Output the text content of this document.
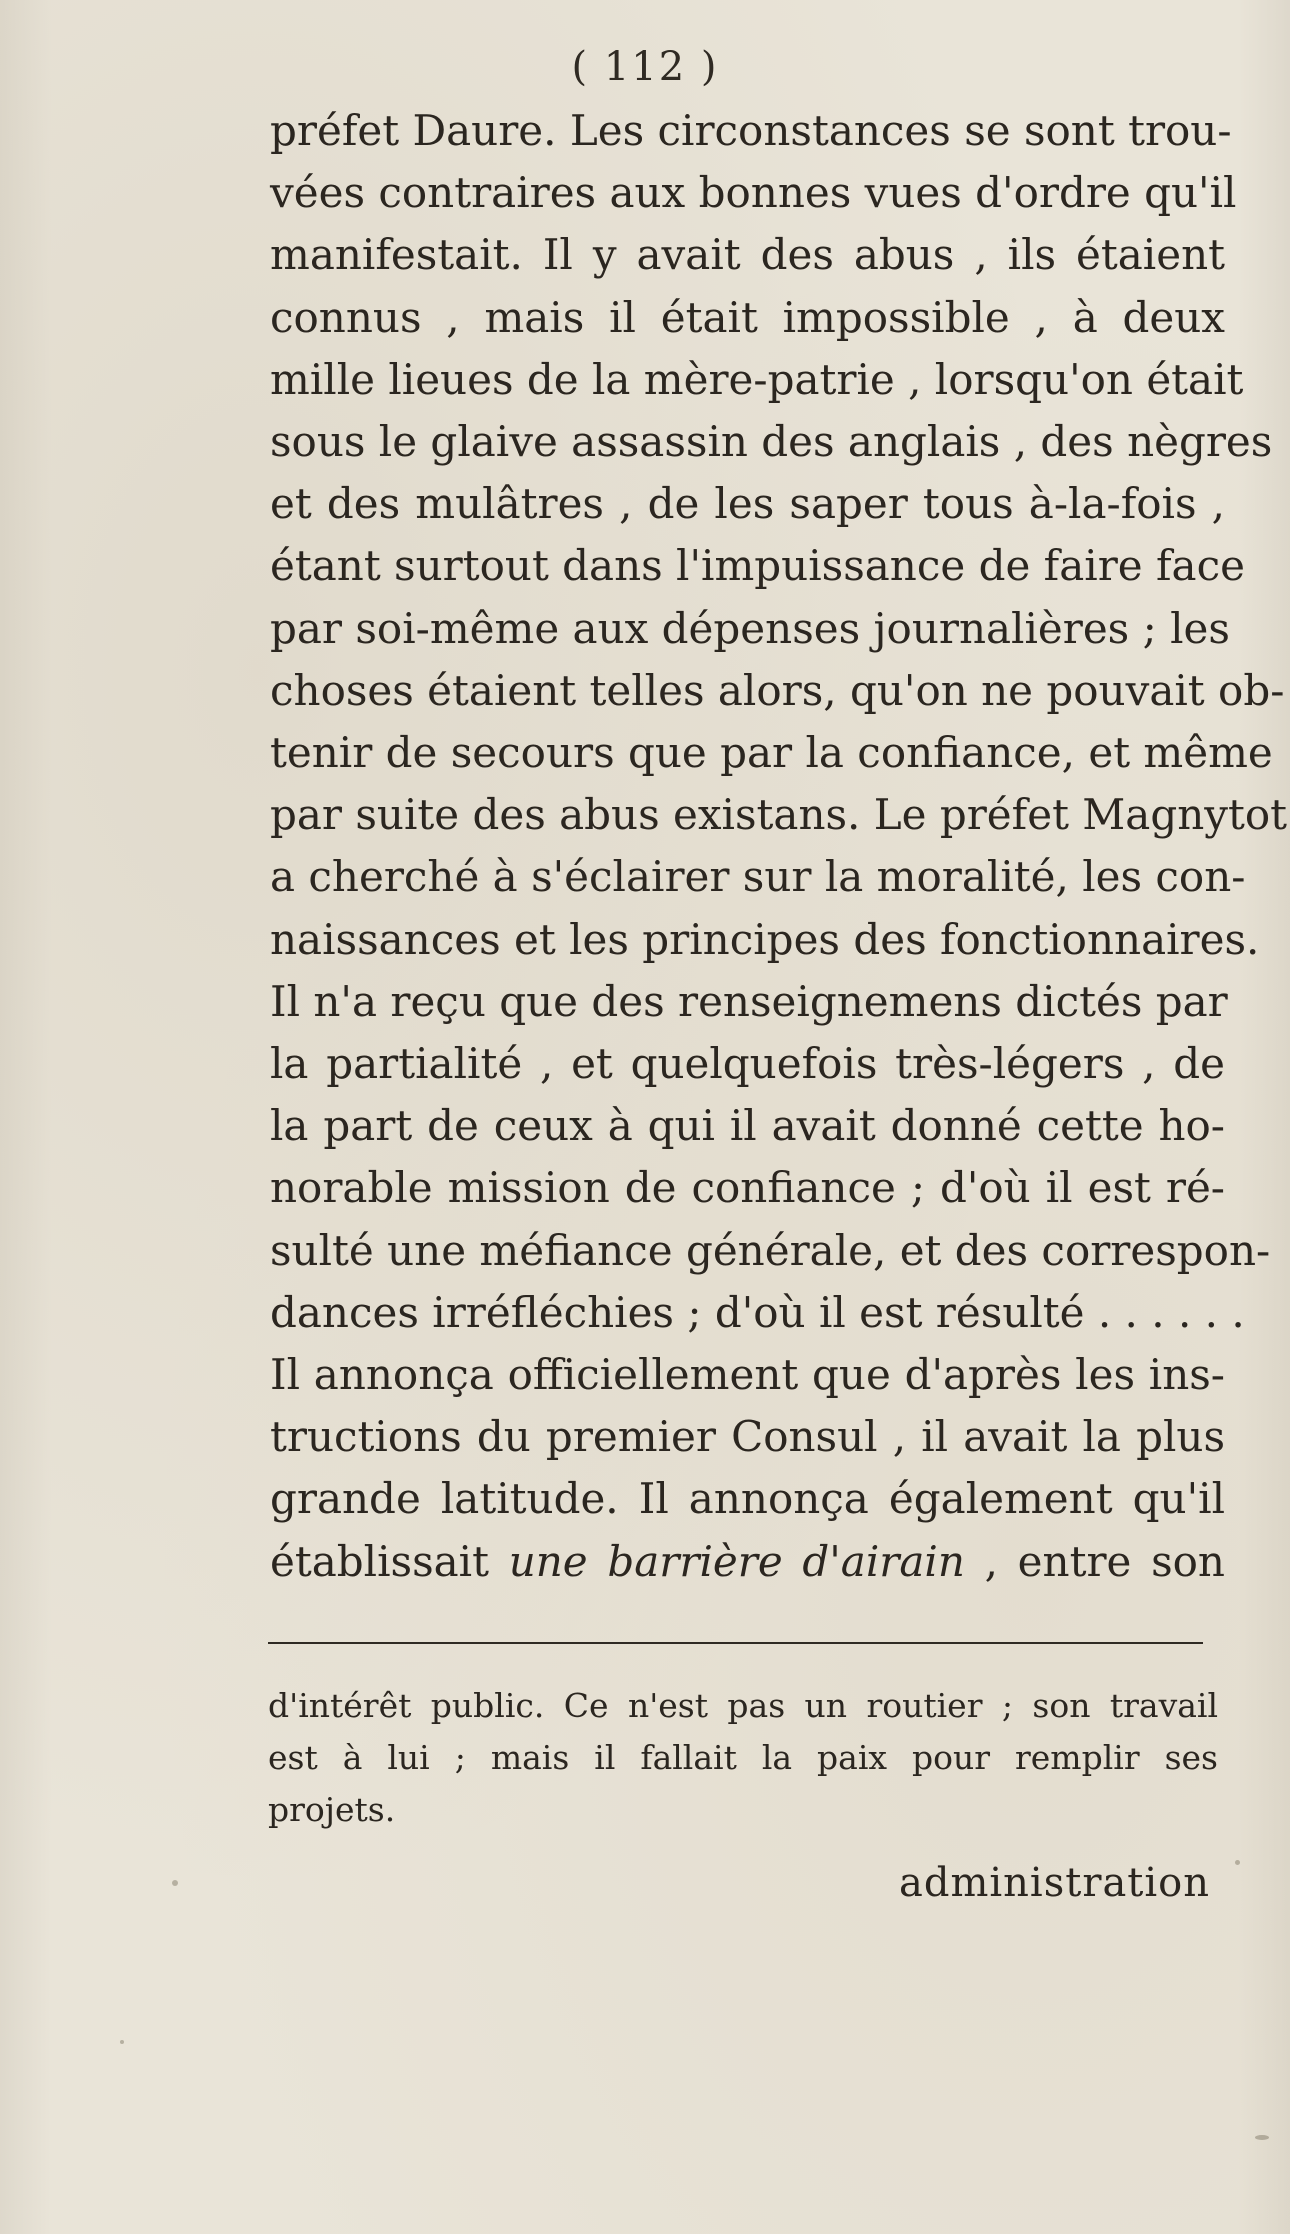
( 112 )
préfet Daure. Les circonstances se sont trou-
vées contraires aux bonnes vues d'ordre qu'il
manifestait. Il y avait des abus , ils étaient
connus , mais il était impossible , à deux
mille lieues de la mère-patrie , lorsqu'on était
sous le glaive assassin des anglais , des nègres
et des mulâtres , de les saper tous à-la-fois ,
étant surtout dans l'impuissance de faire face
par soi-même aux dépenses journalières ; les
choses étaient telles alors, qu'on ne pouvait ob-
tenir de secours que par la confiance, et même
par suite des abus existans. Le préfet Magnytot
a cherché à s'éclairer sur la moralité, les con-
naissances et les principes des fonctionnaires.
Il n'a reçu que des renseignemens dictés par
la partialité , et quelquefois très-légers , de
la part de ceux à qui il avait donné cette ho-
norable mission de confiance ; d'où il est ré-
sulté une méfiance générale, et des correspon-
dances irréfléchies ; d'où il est résulté . . . . . .
Il annonça officiellement que d'après les ins-
tructions du premier Consul , il avait la plus
grande latitude. Il annonça également qu'il
établissait une barrière d'airain , entre son
d'intérêt public. Ce n'est pas un routier ; son travail
est à lui ; mais il fallait la paix pour remplir ses
projets.
administration
